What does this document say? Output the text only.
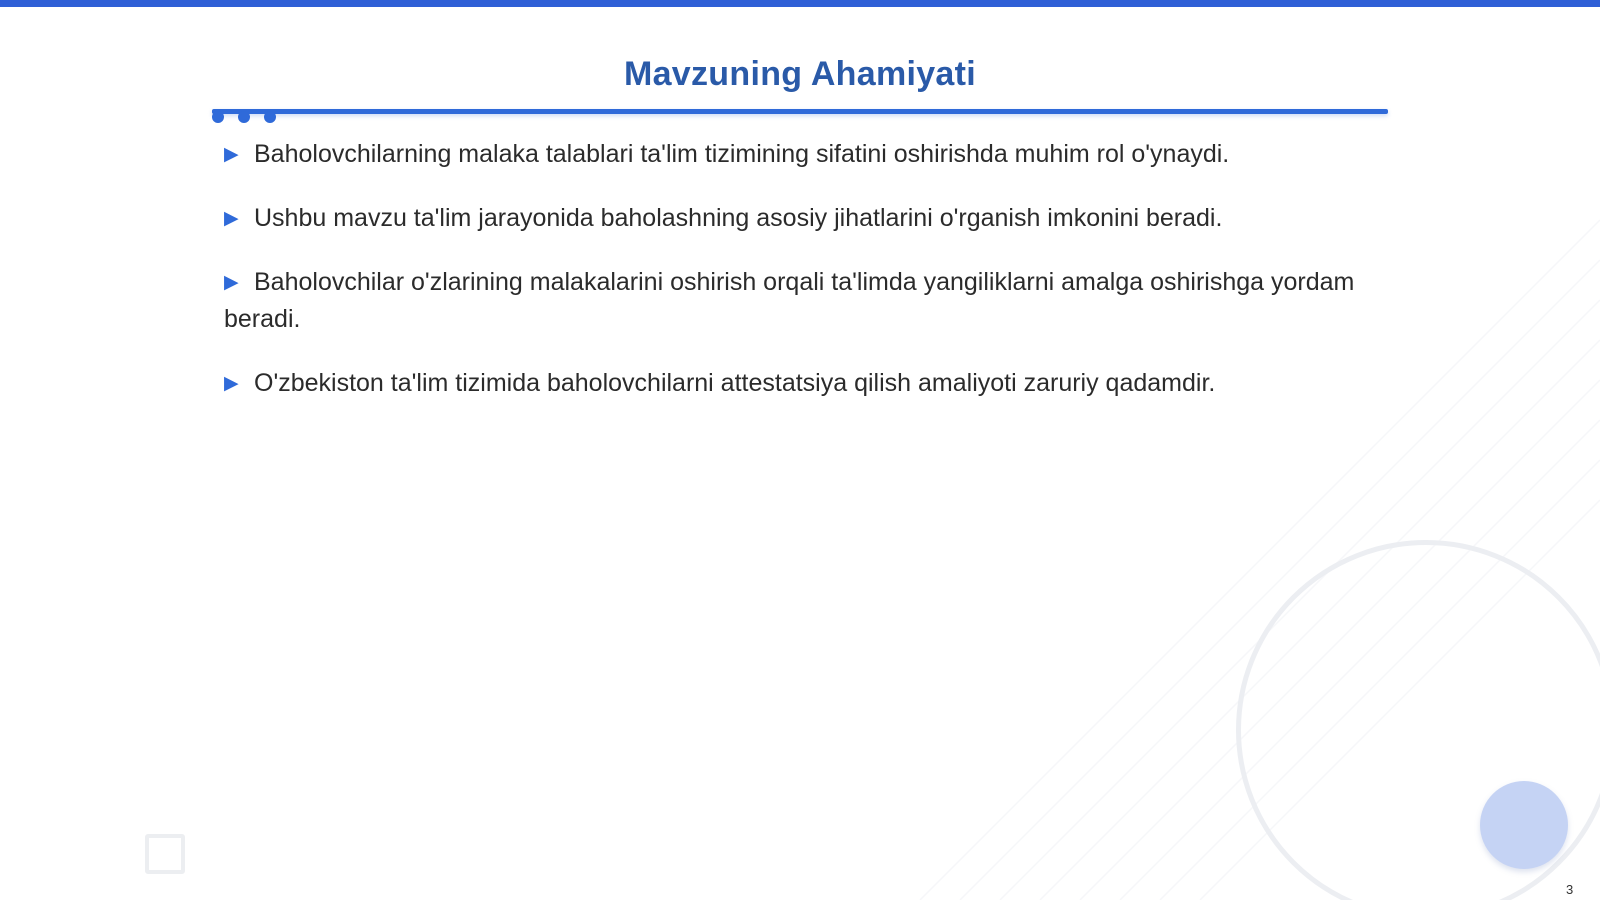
Mavzuning Ahamiyati
▶ Baholovchilarning malaka talablari ta'lim tizimining sifatini oshirishda muhim rol o'ynaydi.
▶ Ushbu mavzu ta'lim jarayonida baholashning asosiy jihatlarini o'rganish imkonini beradi.
▶ Baholovchilar o'zlarining malakalarini oshirish orqali ta'limda yangiliklarni amalga oshirishga yordam beradi.
▶ O'zbekiston ta'lim tizimida baholovchilarni attestatsiya qilish amaliyoti zaruriy qadamdir.
3
